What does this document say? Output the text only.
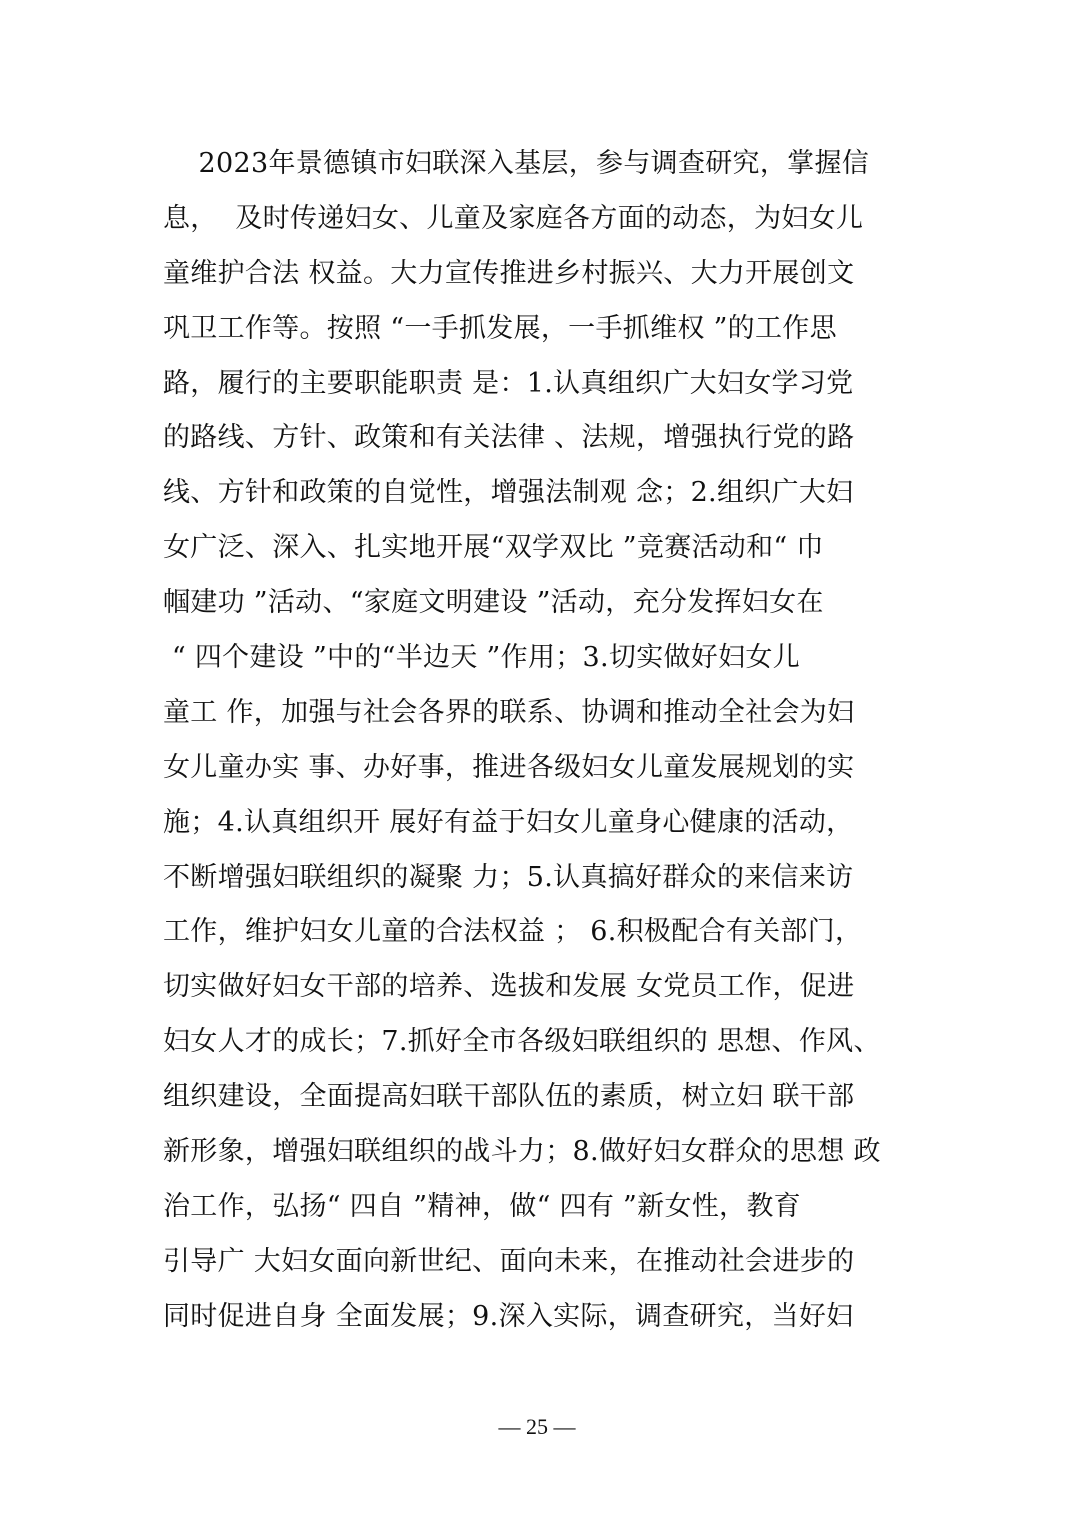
2023年景德镇市妇联深入基层，参与调查研究，掌握信
息，  及时传递妇女、儿童及家庭各方面的动态，为妇女儿
童维护合法 权益。大力宣传推进乡村振兴、大力开展创文
巩卫工作等。按照 “一手抓发展，一手抓维权 ”的工作思
路，履行的主要职能职责 是：1.认真组织广大妇女学习党
的路线、方针、政策和有关法律 、法规，增强执行党的路
线、方针和政策的自觉性，增强法制观 念；2.组织广大妇
女广泛、深入、扎实地开展“双学双比 ”竞赛活动和“ 巾
帼建功 ”活动、“家庭文明建设 ”活动，充分发挥妇女在
“ 四个建设 ”中的“半边天 ”作用；3.切实做好妇女儿
童工 作，加强与社会各界的联系、协调和推动全社会为妇
女儿童办实 事、办好事，推进各级妇女儿童发展规划的实
施；4.认真组织开 展好有益于妇女儿童身心健康的活动，
不断增强妇联组织的凝聚 力；5.认真搞好群众的来信来访
工作，维护妇女儿童的合法权益 ； 6.积极配合有关部门，
切实做好妇女干部的培养、选拔和发展 女党员工作，促进
妇女人才的成长；7.抓好全市各级妇联组织的 思想、作风、
组织建设，全面提高妇联干部队伍的素质，树立妇 联干部
新形象，增强妇联组织的战斗力；8.做好妇女群众的思想 政
治工作，弘扬“ 四自 ”精神，做“ 四有 ”新女性，教育
引导广 大妇女面向新世纪、面向未来，在推动社会进步的
同时促进自身 全面发展；9.深入实际，调查研究，当好妇
— 25 —
